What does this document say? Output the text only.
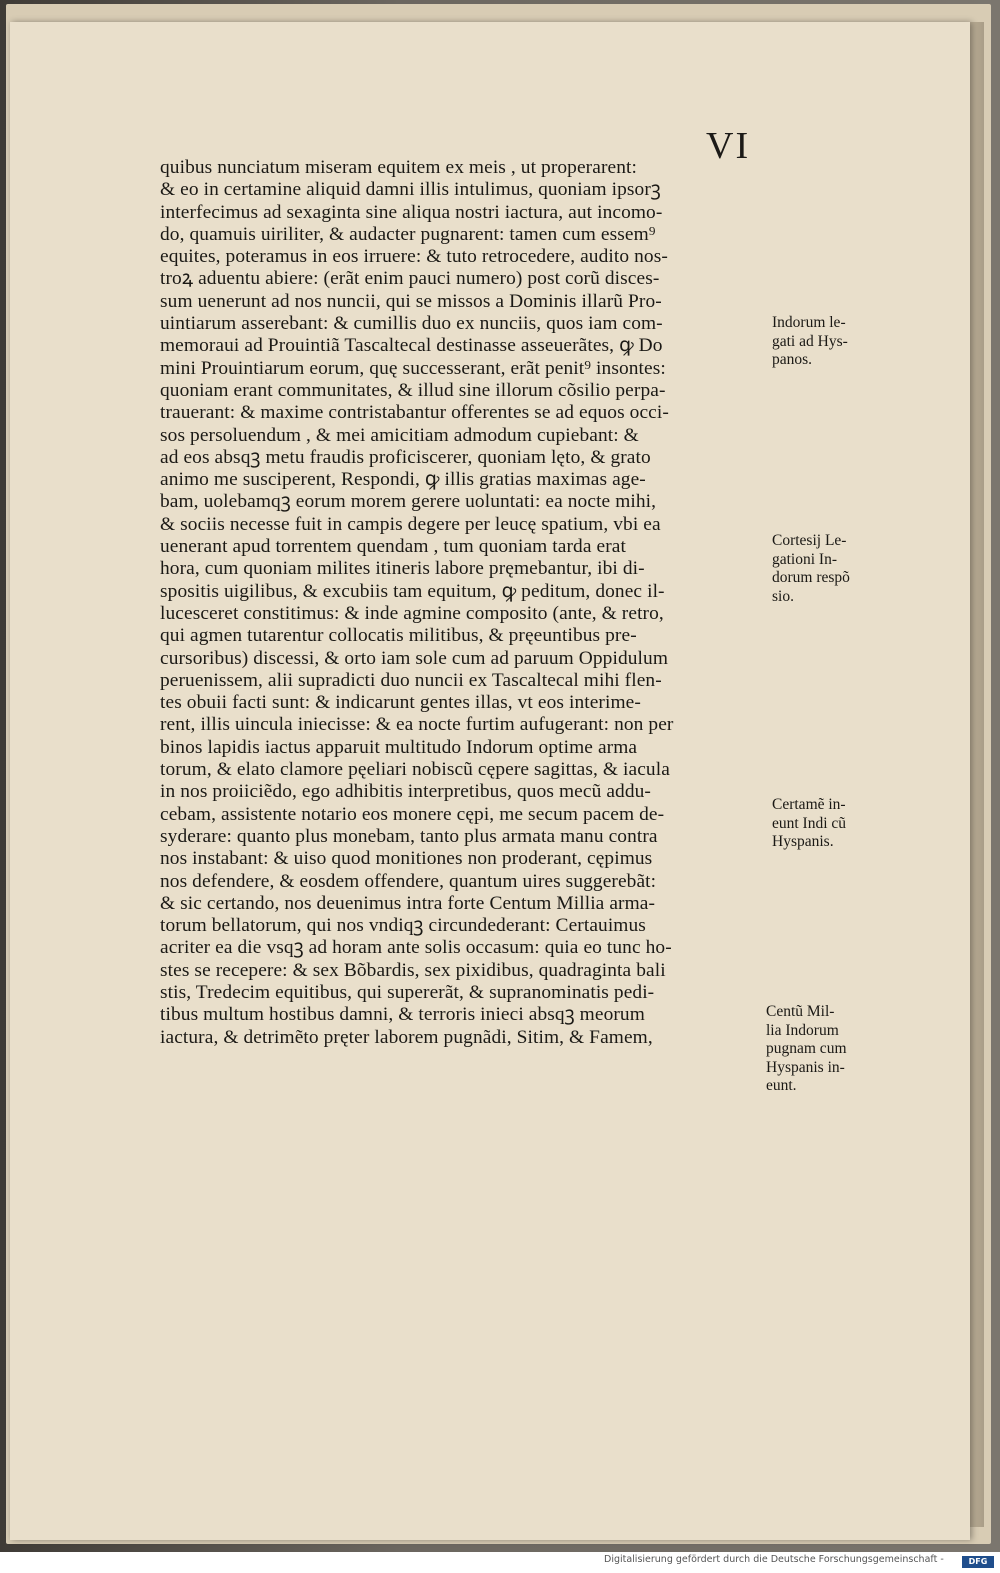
VI
quibus nunciatum miseram equitem ex meis , ut properarent:
& eo in certamine aliquid damni illis intulimus, quoniam ipsorꝫ
interfecimus ad sexaginta sine aliqua nostri iactura, aut incomo-
do, quamuis uiriliter, & audacter pugnarent: tamen cum essem⁹
equites, poteramus in eos irruere: & tuto retrocedere, audito nos-
troꝝ aduentu abiere: (erãt enim pauci numero) post corũ disces-
sum uenerunt ad nos nuncii, qui se missos a Dominis illarũ Pro-
uintiarum asserebant: & cumillis duo ex nunciis, quos iam com-
memoraui ad Prouintiã Tascaltecal destinasse asseuerãtes, ꝙ Do
mini Prouintiarum eorum, quę successerant, erãt penit⁹ insontes:
quoniam erant communitates, & illud sine illorum cõsilio perpa-
trauerant: & maxime contristabantur offerentes se ad equos occi-
sos persoluendum , & mei amicitiam admodum cupiebant: &
ad eos absqꝫ metu fraudis proficiscerer, quoniam lęto, & grato
animo me susciperent, Respondi, ꝙ illis gratias maximas age-
bam, uolebamqꝫ eorum morem gerere uoluntati: ea nocte mihi,
& sociis necesse fuit in campis degere per leucę spatium, vbi ea
uenerant apud torrentem quendam , tum quoniam tarda erat
hora, cum quoniam milites itineris labore pręmebantur, ibi di-
spositis uigilibus, & excubiis tam equitum, ꝙ peditum, donec il-
lucesceret constitimus: & inde agmine composito (ante, & retro,
qui agmen tutarentur collocatis militibus, & pręeuntibus pre-
cursoribus) discessi, & orto iam sole cum ad paruum Oppidulum
peruenissem, alii supradicti duo nuncii ex Tascaltecal mihi flen-
tes obuii facti sunt: & indicarunt gentes illas, vt eos interime-
rent, illis uincula iniecisse: & ea nocte furtim aufugerant: non per
binos lapidis iactus apparuit multitudo Indorum optime arma
torum, & elato clamore pęeliari nobiscũ cępere sagittas, & iacula
in nos proiiciẽdo, ego adhibitis interpretibus, quos mecũ addu-
cebam, assistente notario eos monere cępi, me secum pacem de-
syderare: quanto plus monebam, tanto plus armata manu contra
nos instabant: & uiso quod monitiones non proderant, cępimus
nos defendere, & eosdem offendere, quantum uires suggerebãt:
& sic certando, nos deuenimus intra forte Centum Millia arma-
torum bellatorum, qui nos vndiqꝫ circundederant: Certauimus
acriter ea die vsqꝫ ad horam ante solis occasum: quia eo tunc ho-
stes se recepere: & sex Bõbardis, sex pixidibus, quadraginta bali
stis, Tredecim equitibus, qui supererãt, & supranominatis pedi-
tibus multum hostibus damni, & terroris inieci absqꝫ meorum
iactura, & detrimẽto pręter laborem pugnãdi, Sitim, & Famem,
Indorum le-
gati ad Hys-
panos.
Cortesij Le-
gationi In-
dorum respõ
sio.
Certamẽ in-
eunt Indi cũ
Hyspanis.
Centũ Mil-
lia Indorum
pugnam cum
Hyspanis in-
eunt.
Digitalisierung gefördert durch die Deutsche Forschungsgemeinschaft -	DFG
